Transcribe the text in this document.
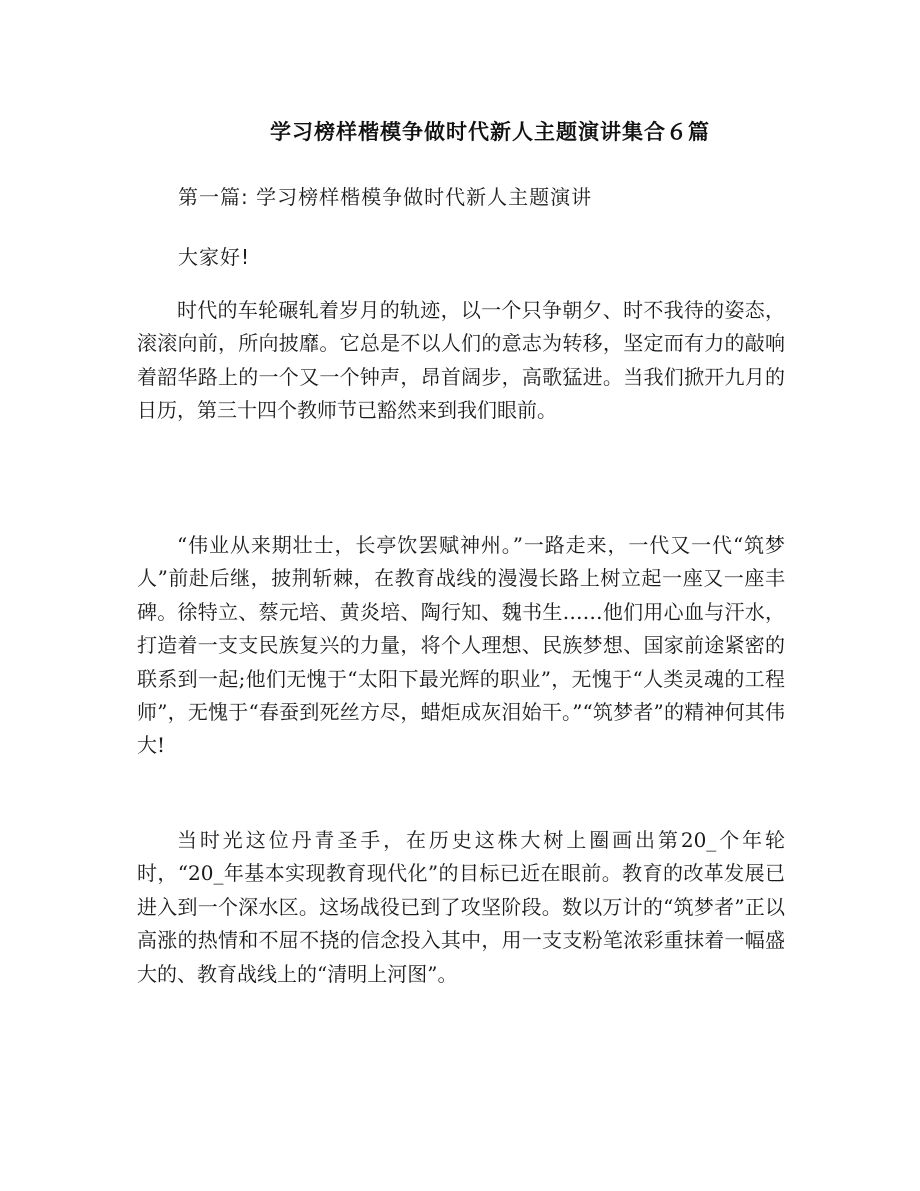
学习榜样楷模争做时代新人主题演讲集合６篇
第一篇: 学习榜样楷模争做时代新人主题演讲
大家好!

时代的车轮碾轧着岁月的轨迹，以一个只争朝夕、时不我待的姿态，滚滚向前，所向披靡。它总是不以人们的意志为转移，坚定而有力的敲响着韶华路上的一个又一个钟声，昂首阔步，高歌猛进。当我们掀开九月的日历，第三十四个教师节已豁然来到我们眼前。

“伟业从来期壮士，长亭饮罢赋神州。”一路走来，一代又一代“筑梦人”前赴后继，披荆斩棘，在教育战线的漫漫长路上树立起一座又一座丰碑。徐特立、蔡元培、黄炎培、陶行知、魏书生……他们用心血与汗水，打造着一支支民族复兴的力量，将个人理想、民族梦想、国家前途紧密的联系到一起;他们无愧于“太阳下最光辉的职业”，无愧于“人类灵魂的工程师”，无愧于“春蚕到死丝方尽，蜡炬成灰泪始干。”“筑梦者”的精神何其伟大!

当时光这位丹青圣手，在历史这株大树上圈画出第20_个年轮时，“20_年基本实现教育现代化”的目标已近在眼前。教育的改革发展已进入到一个深水区。这场战役已到了攻坚阶段。数以万计的“筑梦者”正以高涨的热情和不屈不挠的信念投入其中，用一支支粉笔浓彩重抹着一幅盛大的、教育战线上的“清明上河图”。
